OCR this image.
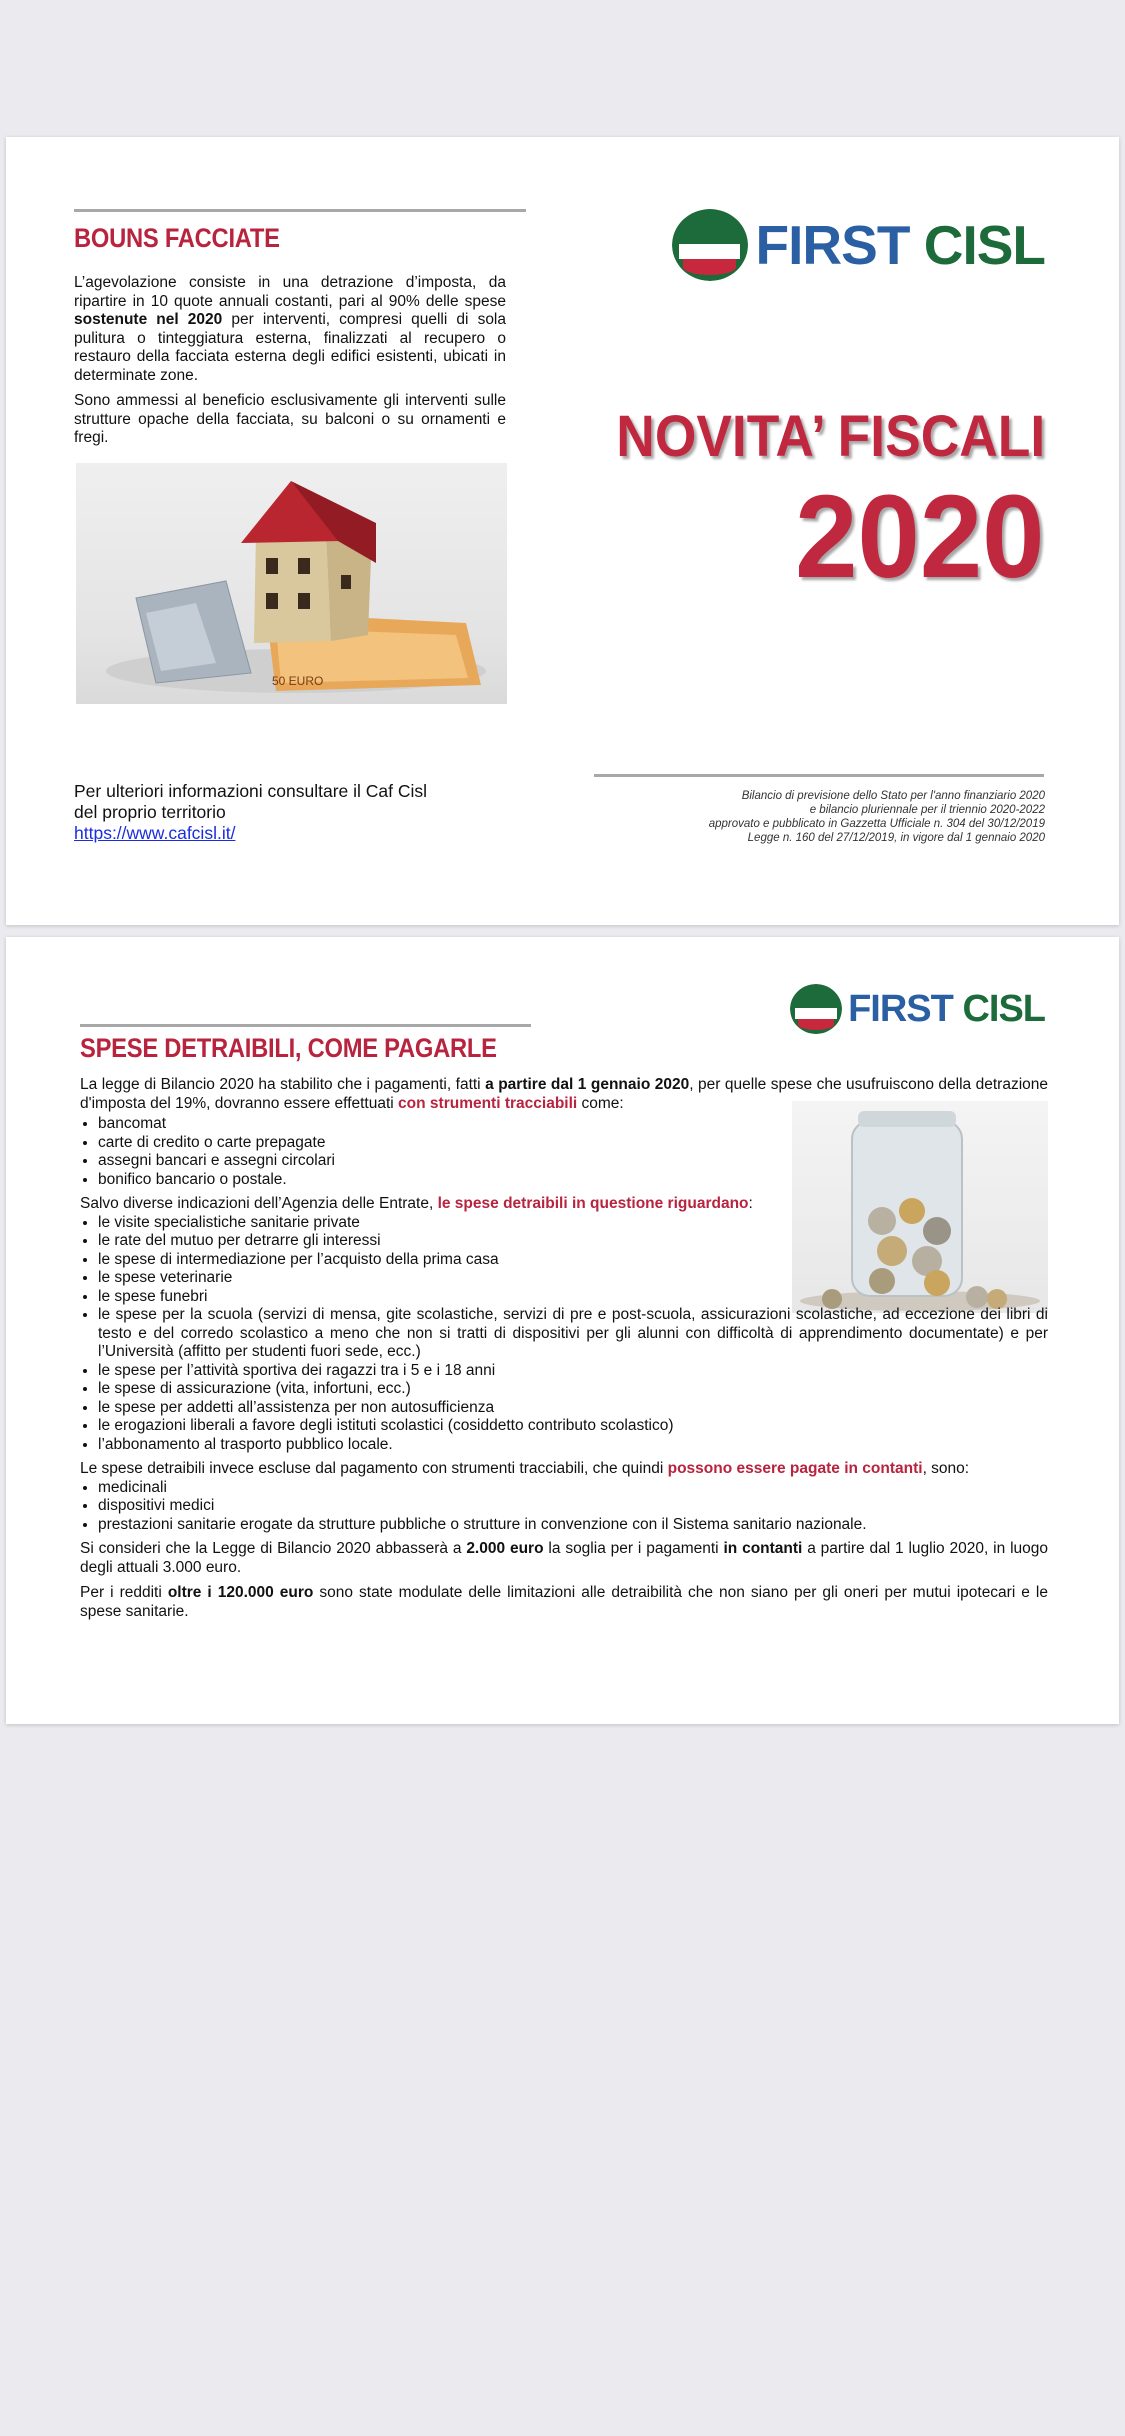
BOUNS FACCIATE

L’agevolazione consiste in una detrazione d’imposta, da ripartire in 10 quote annuali costanti, pari al 90% delle spese sostenute nel 2020 per interventi, compresi quelli di sola pulitura o tinteggiatura esterna, finalizzati al recupero o restauro della facciata esterna degli edifici esistenti, ubicati in determinate zone.

Sono ammessi al beneficio esclusivamente gli interventi sulle strutture opache della facciata, su balconi o su ornamenti e fregi.

50 EURO
FIRST CISL
NOVITA’ FISCALI
2020
Per ulteriori informazioni consultare il Caf Cisl
del proprio territorio
https://www.cafcisl.it/
Bilancio di previsione dello Stato per l'anno finanziario 2020
e bilancio pluriennale per il triennio 2020-2022
approvato e pubblicato in Gazzetta Ufficiale n. 304 del 30/12/2019
Legge n. 160 del 27/12/2019, in vigore dal 1 gennaio 2020
FIRST CISL
SPESE DETRAIBILI, COME PAGARLE

La legge di Bilancio 2020 ha stabilito che i pagamenti, fatti a partire dal 1 gennaio 2020, per quelle spese che usufruiscono della detrazione d'imposta del 19%, dovranno essere effettuati con strumenti tracciabili come:

• bancomat
• carte di credito o carte prepagate
• assegni bancari e assegni circolari
• bonifico bancario o postale.

Salvo diverse indicazioni dell’Agenzia delle Entrate, le spese detraibili in questione riguardano:

• le visite specialistiche sanitarie private
• le rate del mutuo per detrarre gli interessi
• le spese di intermediazione per l’acquisto della prima casa
• le spese veterinarie
• le spese funebri
• le spese per la scuola (servizi di mensa, gite scolastiche, servizi di pre e post-scuola, assicurazioni scolastiche, ad eccezione dei libri di testo e del corredo scolastico a meno che non si tratti di dispositivi per gli alunni con difficoltà di apprendimento documentate) e per l’Università (affitto per studenti fuori sede, ecc.)
• le spese per l’attività sportiva dei ragazzi tra i 5 e i 18 anni
• le spese di assicurazione (vita, infortuni, ecc.)
• le spese per addetti all’assistenza per non autosufficienza
• le erogazioni liberali a favore degli istituti scolastici (cosiddetto contributo scolastico)
• l’abbonamento al trasporto pubblico locale.

Le spese detraibili invece escluse dal pagamento con strumenti tracciabili, che quindi possono essere pagate in contanti, sono:

• medicinali
• dispositivi medici
• prestazioni sanitarie erogate da strutture pubbliche o strutture in convenzione con il Sistema sanitario nazionale.

Si consideri che la Legge di Bilancio 2020 abbasserà a 2.000 euro la soglia per i pagamenti in contanti a partire dal 1 luglio 2020, in luogo degli attuali 3.000 euro.

Per i redditi oltre i 120.000 euro sono state modulate delle limitazioni alle detraibilità che non siano per gli oneri per mutui ipotecari e le spese sanitarie.
